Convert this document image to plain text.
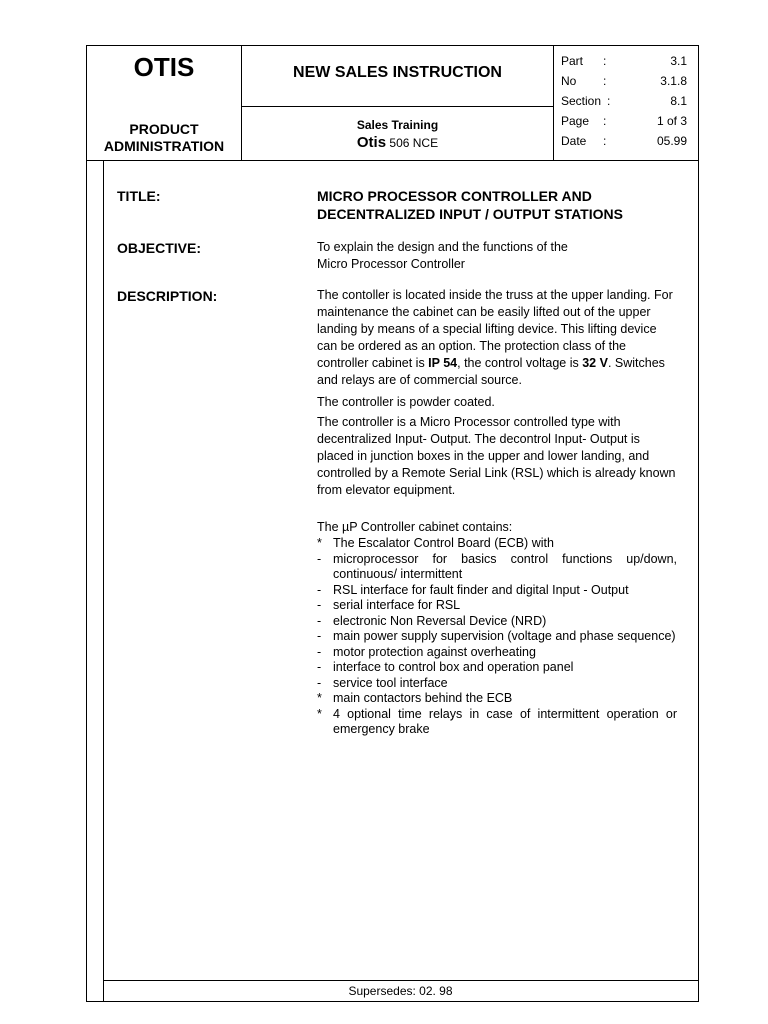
OTIS
PRODUCT ADMINISTRATION
NEW SALES INSTRUCTION
Sales Training
Otis 506 NCE
Part :	3.1
No :	3.1.8
Section :	8.1
Page :	1 of 3
Date :	05.99
TITLE:	MICRO PROCESSOR CONTROLLER AND
DECENTRALIZED INPUT / OUTPUT STATIONS
OBJECTIVE:	To explain the design and the functions of the
Micro Processor Controller
DESCRIPTION:	The contoller is located inside the truss at the upper landing. For maintenance the cabinet can be easily lifted out of the upper landing by means of a special lifting device. This lifting device can be ordered as an option. The protection class of the controller cabinet is IP 54, the control voltage is 32 V. Switches and relays are of commercial source.
The controller is powder coated.
The controller is a Micro Processor controlled type with decentralized Input- Output. The decontrol Input- Output is placed in junction boxes in the upper and lower landing, and controlled by a Remote Serial Link (RSL) which is already known from elevator equipment.
The µP Controller cabinet contains:
* The Escalator Control Board (ECB) with
- microprocessor for basics control functions up/down, continuous/ intermittent
- RSL interface for fault finder and digital Input - Output
- serial interface for RSL
- electronic Non Reversal Device (NRD)
- main power supply supervision (voltage and phase sequence)
- motor protection against overheating
- interface to control box and operation panel
- service tool interface
* main contactors behind the ECB
* 4 optional time relays in case of intermittent operation or emergency brake
Supersedes: 02. 98
